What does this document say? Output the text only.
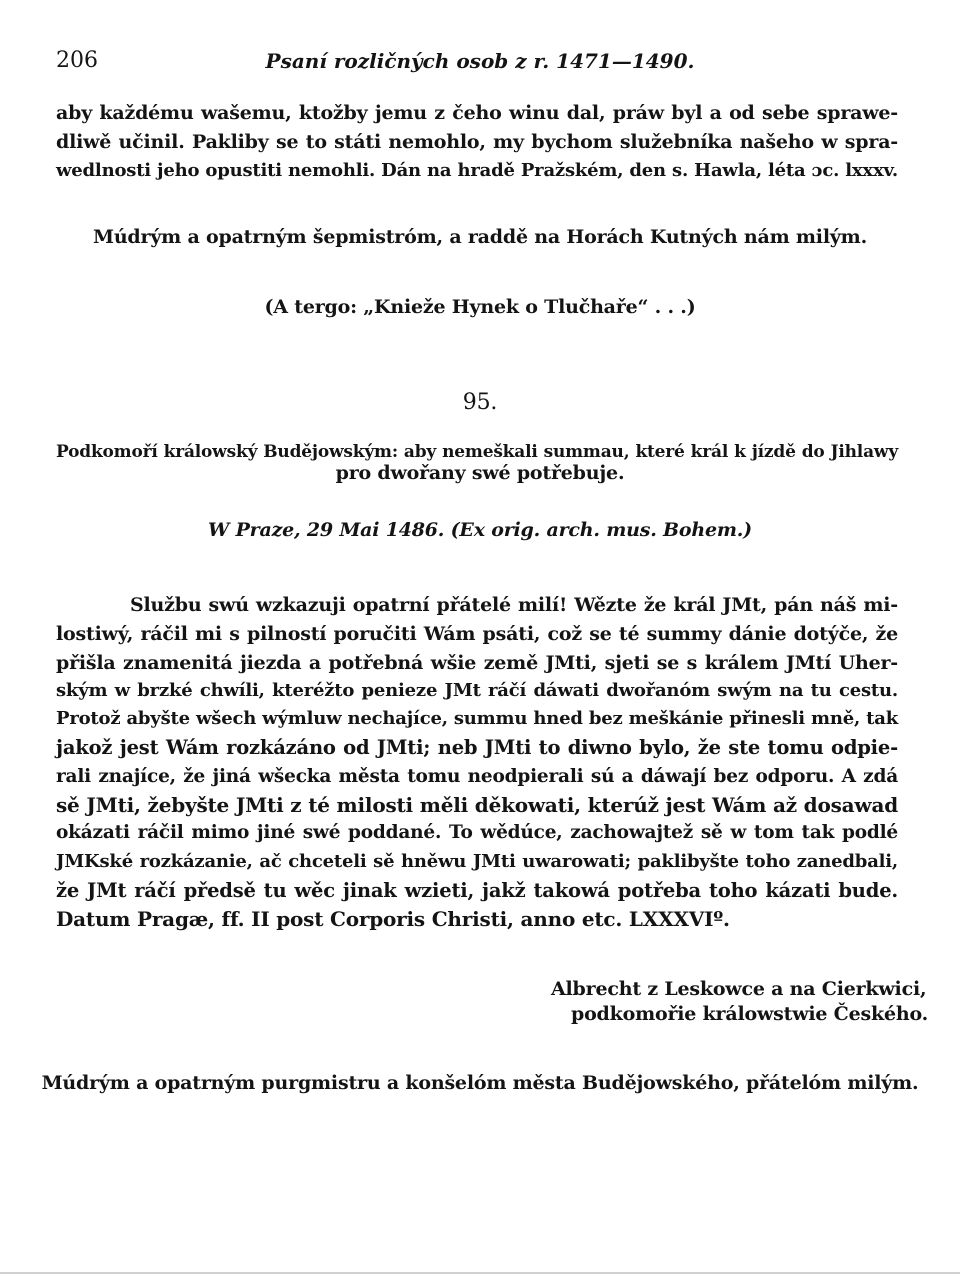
206	Psaní rozličných osob z r. 1471—1490.
aby každému wašemu, ktožby jemu z čeho winu dal, práw byl a od sebe sprawe-
dliwě učinil. Pakliby se to státi nemohlo, my bychom služebníka našeho w spra-
wedlnosti jeho opustiti nemohli. Dán na hradě Pražském, den s. Hawla, léta ɔc. lxxxv.
Múdrým a opatrným šepmistróm, a raddě na Horách Kutných nám milým.
(A tergo: „Knieže Hynek o Tlučhaře“ . . .)
95.
Podkomoří králowský Budějowským: aby nemeškali summau, které král k jízdě do Jihlawy
pro dwořany swé potřebuje.
W Praze, 29 Mai 1486. (Ex orig. arch. mus. Bohem.)
Službu swú wzkazuji opatrní přátelé milí! Wězte že král JMt, pán náš mi-
lostiwý, ráčil mi s pilností poručiti Wám psáti, což se té summy dánie dotýče, že
přišla znamenitá jiezda a potřebná wšie země JMti, sjeti se s králem JMtí Uher-
ským w brzké chwíli, kteréžto penieze JMt ráčí dáwati dwořanóm swým na tu cestu.
Protož abyšte wšech wýmluw nechajíce, summu hned bez meškánie přinesli mně, tak
jakož jest Wám rozkázáno od JMti; neb JMti to diwno bylo, že ste tomu odpie-
rali znajíce, že jiná wšecka města tomu neodpierali sú a dáwají bez odporu. A zdá
sě JMti, žebyšte JMti z té milosti měli děkowati, kterúž jest Wám až dosawad
okázati ráčil mimo jiné swé poddané. To wědúce, zachowajtež sě w tom tak podlé
JMKské rozkázanie, ač chceteli sě hněwu JMti uwarowati; paklibyšte toho zanedbali,
že JMt ráčí předsě tu wěc jinak wzieti, jakž takowá potřeba toho kázati bude.
Datum Pragæ, ff. II post Corporis Christi, anno etc. LXXXVIº.
Albrecht z Leskowce a na Cierkwici,
podkomořie králowstwie Českého.
Múdrým a opatrným purgmistru a konšelóm města Budějowského, přátelóm milým.
